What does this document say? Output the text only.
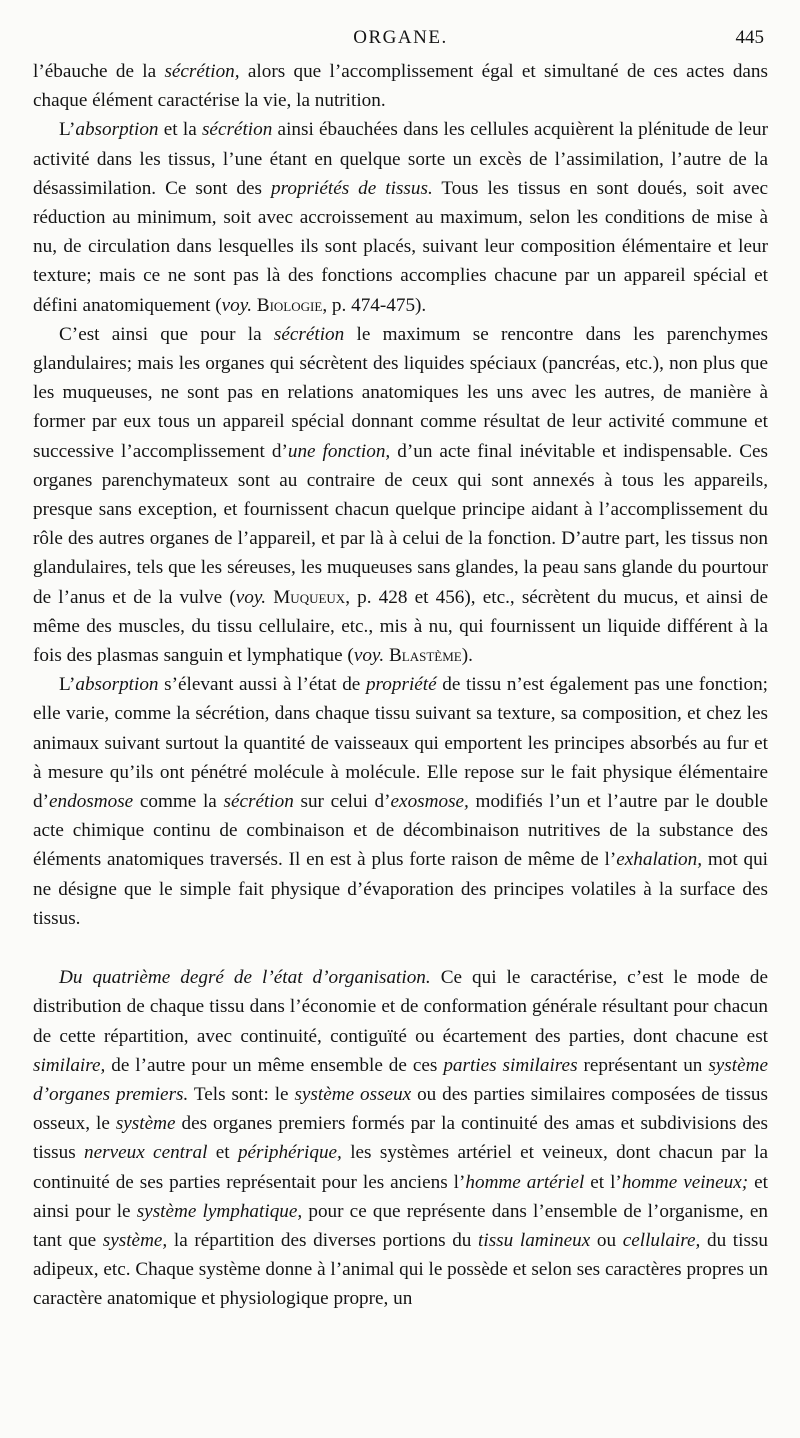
ORGANE.	445

l’ébauche de la sécrétion, alors que l’accomplissement égal et simultané de ces actes dans chaque élément caractérise la vie, la nutrition.

L’absorption et la sécrétion ainsi ébauchées dans les cellules acquièrent la plénitude de leur activité dans les tissus, l’une étant en quelque sorte un excès de l’assimilation, l’autre de la désassimilation. Ce sont des propriétés de tissus. Tous les tissus en sont doués, soit avec réduction au minimum, soit avec accroissement au maximum, selon les conditions de mise à nu, de circulation dans lesquelles ils sont placés, suivant leur composition élémentaire et leur texture; mais ce ne sont pas là des fonctions accomplies chacune par un appareil spécial et défini anatomiquement (voy. Biologie, p. 474-475).

C’est ainsi que pour la sécrétion le maximum se rencontre dans les parenchymes glandulaires; mais les organes qui sécrètent des liquides spéciaux (pancréas, etc.), non plus que les muqueuses, ne sont pas en relations anatomiques les uns avec les autres, de manière à former par eux tous un appareil spécial donnant comme résultat de leur activité commune et successive l’accomplissement d’une fonction, d’un acte final inévitable et indispensable. Ces organes parenchymateux sont au contraire de ceux qui sont annexés à tous les appareils, presque sans exception, et fournissent chacun quelque principe aidant à l’accomplissement du rôle des autres organes de l’appareil, et par là à celui de la fonction. D’autre part, les tissus non glandulaires, tels que les séreuses, les muqueuses sans glandes, la peau sans glande du pourtour de l’anus et de la vulve (voy. Muqueux, p. 428 et 456), etc., sécrètent du mucus, et ainsi de même des muscles, du tissu cellulaire, etc., mis à nu, qui fournissent un liquide différent à la fois des plasmas sanguin et lymphatique (voy. Blastème).

L’absorption s’élevant aussi à l’état de propriété de tissu n’est également pas une fonction; elle varie, comme la sécrétion, dans chaque tissu suivant sa texture, sa composition, et chez les animaux suivant surtout la quantité de vaisseaux qui emportent les principes absorbés au fur et à mesure qu’ils ont pénétré molécule à molécule. Elle repose sur le fait physique élémentaire d’endosmose comme la sécrétion sur celui d’exosmose, modifiés l’un et l’autre par le double acte chimique continu de combinaison et de décombinaison nutritives de la substance des éléments anatomiques traversés. Il en est à plus forte raison de même de l’exhalation, mot qui ne désigne que le simple fait physique d’évaporation des principes volatiles à la surface des tissus.

Du quatrième degré de l’état d’organisation. Ce qui le caractérise, c’est le mode de distribution de chaque tissu dans l’économie et de conformation générale résultant pour chacun de cette répartition, avec continuité, contiguïté ou écartement des parties, dont chacune est similaire, de l’autre pour un même ensemble de ces parties similaires représentant un système d’organes premiers. Tels sont: le système osseux ou des parties similaires composées de tissus osseux, le système des organes premiers formés par la continuité des amas et subdivisions des tissus nerveux central et périphérique, les systèmes artériel et veineux, dont chacun par la continuité de ses parties représentait pour les anciens l’homme artériel et l’homme veineux; et ainsi pour le système lymphatique, pour ce que représente dans l’ensemble de l’organisme, en tant que système, la répartition des diverses portions du tissu lamineux ou cellulaire, du tissu adipeux, etc. Chaque système donne à l’animal qui le possède et selon ses caractères propres un caractère anatomique et physiologique propre, un
